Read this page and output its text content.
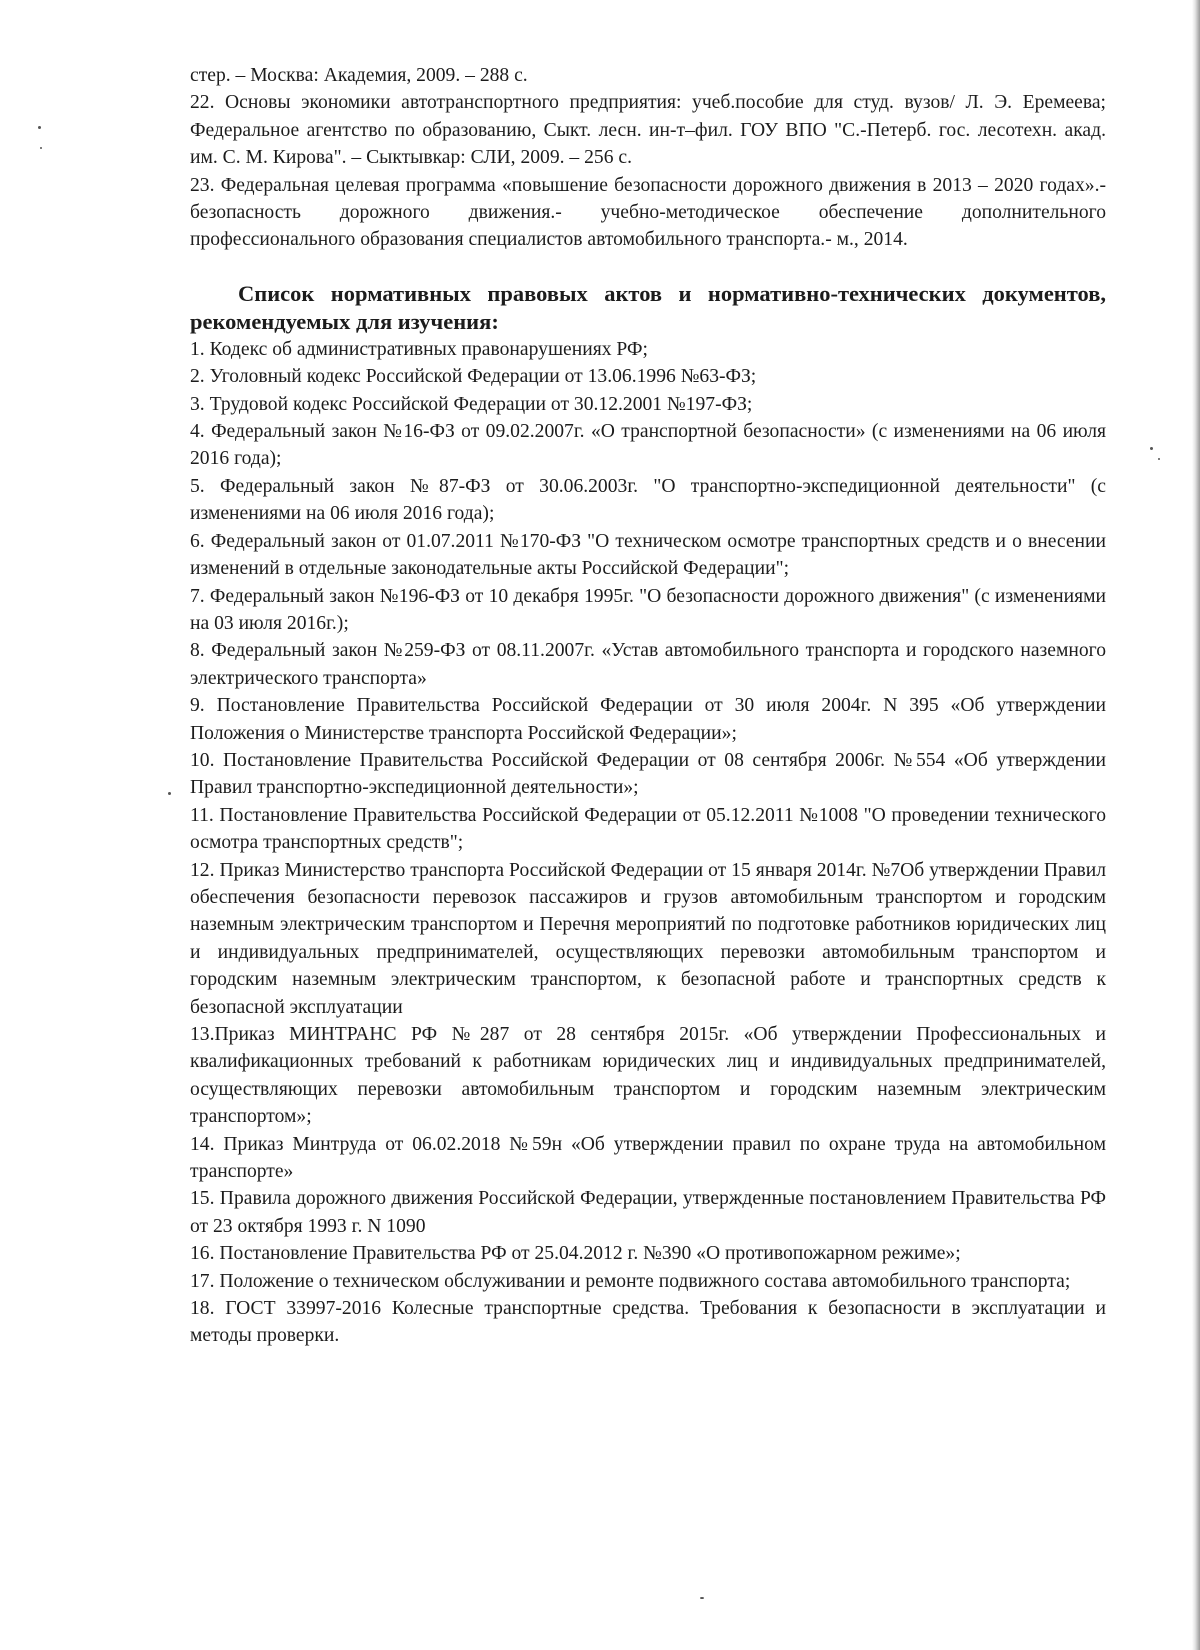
стер. – Москва: Академия, 2009. – 288 с.

22. Основы экономики автотранспортного предприятия: учеб.пособие для студ. вузов/ Л. Э. Еремеева; Федеральное агентство по образованию, Сыкт. лесн. ин-т–фил. ГОУ ВПО "С.-Петерб. гос. лесотехн. акад. им. С. М. Кирова". – Сыктывкар: СЛИ, 2009. – 256 с.

23. Федеральная целевая программа «повышение безопасности дорожного движения в 2013 – 2020 годах».- безопасность дорожного движения.- учебно-методическое обеспечение дополнительного профессионального образования специалистов автомобильного транспорта.- м., 2014.

Список нормативных правовых актов и нормативно-технических документов, рекомендуемых для изучения:

1. Кодекс об административных правонарушениях РФ;

2. Уголовный кодекс Российской Федерации от 13.06.1996 №63-ФЗ;

3. Трудовой кодекс Российской Федерации от 30.12.2001 №197-ФЗ;

4. Федеральный закон №16-ФЗ от 09.02.2007г. «О транспортной безопасности» (с изменениями на 06 июля 2016 года);

5. Федеральный закон №87-ФЗ от 30.06.2003г. "О транспортно-экспедиционной деятельности" (с изменениями на 06 июля 2016 года);

6. Федеральный закон от 01.07.2011 №170-ФЗ "О техническом осмотре транспортных средств и о внесении изменений в отдельные законодательные акты Российской Федерации";

7. Федеральный закон №196-ФЗ от 10 декабря 1995г. "О безопасности дорожного движения" (с изменениями на 03 июля 2016г.);

8. Федеральный закон №259-ФЗ от 08.11.2007г. «Устав автомобильного транспорта и городского наземного электрического транспорта»

9. Постановление Правительства Российской Федерации от 30 июля 2004г. N 395 «Об утверждении Положения о Министерстве транспорта Российской Федерации»;

10. Постановление Правительства Российской Федерации от 08 сентября 2006г. №554 «Об утверждении Правил транспортно-экспедиционной деятельности»;

11. Постановление Правительства Российской Федерации от 05.12.2011 №1008 "О проведении технического осмотра транспортных средств";

12. Приказ Министерство транспорта Российской Федерации от 15 января 2014г. №7Об утверждении Правил обеспечения безопасности перевозок пассажиров и грузов автомобильным транспортом и городским наземным электрическим транспортом и Перечня мероприятий по подготовке работников юридических лиц и индивидуальных предпринимателей, осуществляющих перевозки автомобильным транспортом и городским наземным электрическим транспортом, к безопасной работе и транспортных средств к безопасной эксплуатации

13.Приказ МИНТРАНС РФ №287 от 28 сентября 2015г. «Об утверждении Профессиональных и квалификационных требований к работникам юридических лиц и индивидуальных предпринимателей, осуществляющих перевозки автомобильным транспортом и городским наземным электрическим транспортом»;

14. Приказ Минтруда от 06.02.2018 №59н «Об утверждении правил по охране труда на автомобильном транспорте»

15. Правила дорожного движения Российской Федерации, утвержденные постановлением Правительства РФ от 23 октября 1993 г. N 1090

16. Постановление Правительства РФ от 25.04.2012 г. №390 «О противопожарном режиме»;

17. Положение о техническом обслуживании и ремонте подвижного состава автомобильного транспорта;

18. ГОСТ 33997-2016 Колесные транспортные средства. Требования к безопасности в эксплуатации и методы проверки.
